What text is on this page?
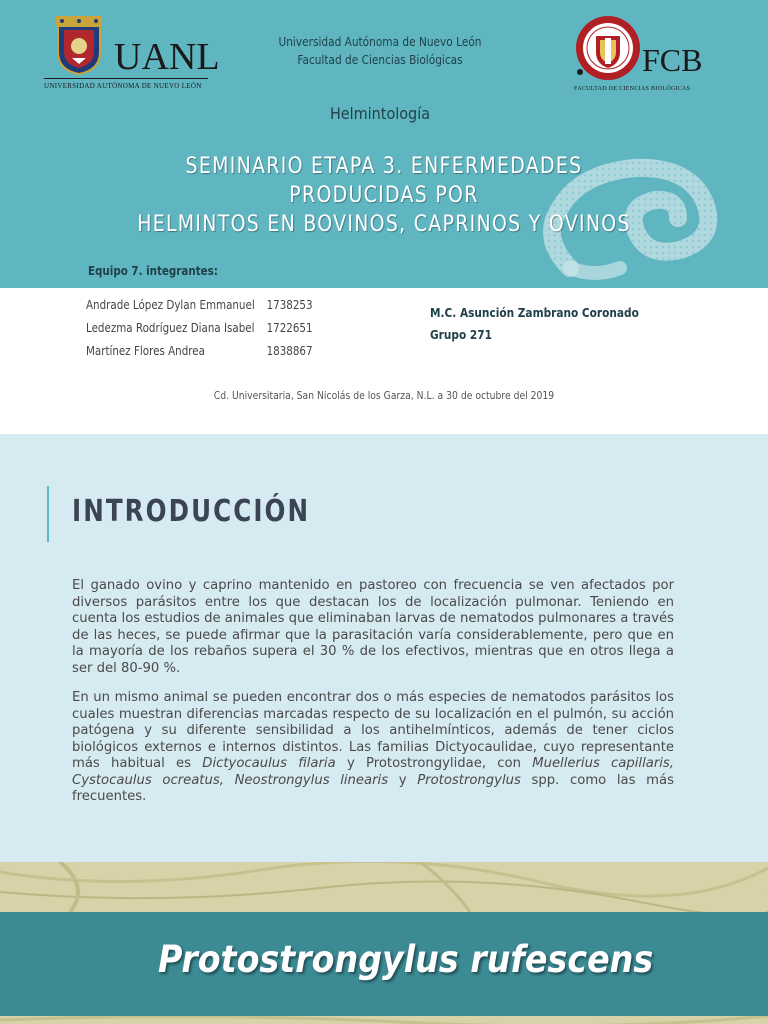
UANL
UNIVERSIDAD AUTÓNOMA DE NUEVO LEÓN
Universidad Autónoma de Nuevo León
Facultad de Ciencias Biológicas	FCB
FACULTAD DE CIENCIAS BIOLÓGICAS
Helmintología
SEMINARIO ETAPA 3. ENFERMEDADES PRODUCIDAS POR
HELMINTOS EN BOVINOS, CAPRINOS Y OVINOS
Equipo 7. integrantes:
Andrade López Dylan Emmanuel 1738253
Ledezma Rodríguez Diana Isabel 1722651
Martínez Flores Andrea	1838867
M.C. Asunción Zambrano Coronado
Grupo 271
Cd. Universitaria, San Nicolás de los Garza, N.L. a 30 de octubre del 2019
INTRODUCCIÓN

El ganado ovino y caprino mantenido en pastoreo con frecuencia se ven afectados por diversos parásitos entre los que destacan los de localización pulmonar. Teniendo en cuenta los estudios de animales que eliminaban larvas de nematodos pulmonares a través de las heces, se puede afirmar que la parasitación varía considerablemente, pero que en la mayoría de los rebaños supera el 30 % de los efectivos, mientras que en otros llega a ser del 80-90 %.

En un mismo animal se pueden encontrar dos o más especies de nematodos parásitos los cuales muestran diferencias marcadas respecto de su localización en el pulmón, su acción patógena y su diferente sensibilidad a los antihelmínticos, además de tener ciclos biológicos externos e internos distintos. Las familias Dictyocaulidae, cuyo representante más habitual es Dictyocaulus filaria y Protostrongylidae, con Muellerius capillaris, Cystocaulus ocreatus, Neostrongylus linearis y Protostrongylus spp. como las más frecuentes.

Protostrongylus rufescens
